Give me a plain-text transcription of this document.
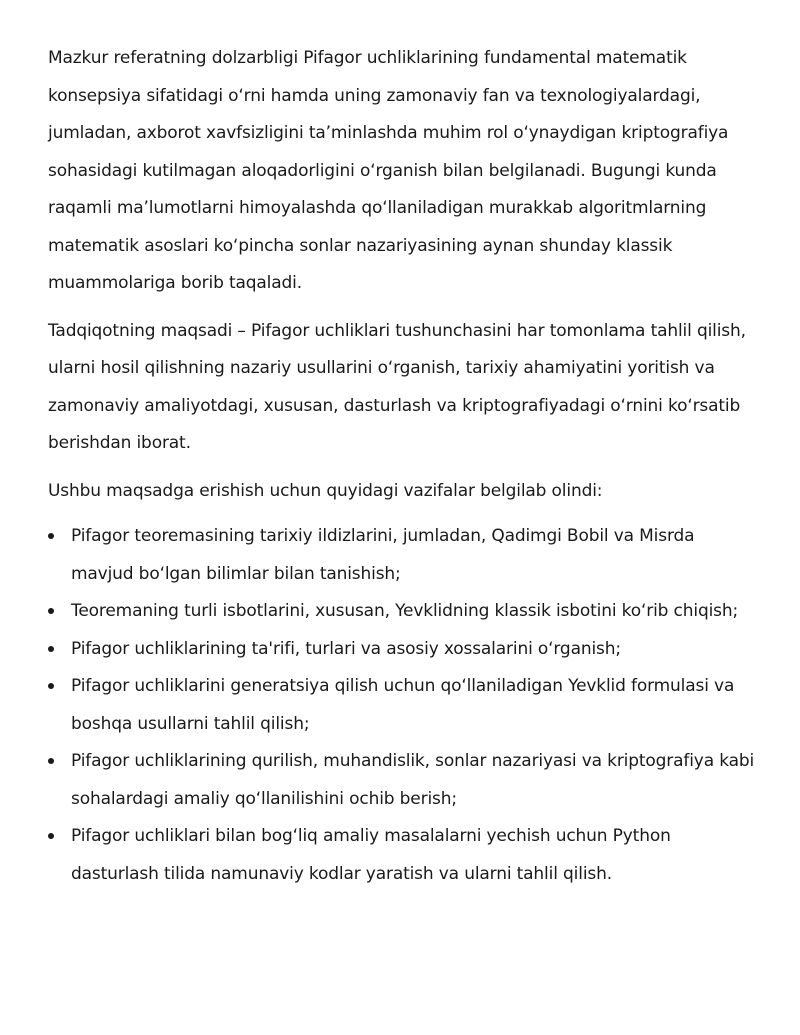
Mazkur referatning dolzarbligi Pifagor uchliklarining fundamental matematik konsepsiya sifatidagi o‘rni hamda uning zamonaviy fan va texnologiyalardagi, jumladan, axborot xavfsizligini ta’minlashda muhim rol o‘ynaydigan kriptografiya sohasidagi kutilmagan aloqadorligini o‘rganish bilan belgilanadi. Bugungi kunda raqamli ma’lumotlarni himoyalashda qo‘llaniladigan murakkab algoritmlarning matematik asoslari ko‘pincha sonlar nazariyasining aynan shunday klassik muammolariga borib taqaladi.

Tadqiqotning maqsadi – Pifagor uchliklari tushunchasini har tomonlama tahlil qilish, ularni hosil qilishning nazariy usullarini o‘rganish, tarixiy ahamiyatini yoritish va zamonaviy amaliyotdagi, xususan, dasturlash va kriptografiyadagi o‘rnini ko‘rsatib berishdan iborat.

Ushbu maqsadga erishish uchun quyidagi vazifalar belgilab olindi:

Pifagor teoremasining tarixiy ildizlarini, jumladan, Qadimgi Bobil va Misrda mavjud bo‘lgan bilimlar bilan tanishish;
Teoremaning turli isbotlarini, xususan, Yevklidning klassik isbotini ko‘rib chiqish;
Pifagor uchliklarining ta'rifi, turlari va asosiy xossalarini o‘rganish;
Pifagor uchliklarini generatsiya qilish uchun qo‘llaniladigan Yevklid formulasi va boshqa usullarni tahlil qilish;
Pifagor uchliklarining qurilish, muhandislik, sonlar nazariyasi va kriptografiya kabi sohalardagi amaliy qo‘llanilishini ochib berish;
Pifagor uchliklari bilan bog‘liq amaliy masalalarni yechish uchun Python dasturlash tilida namunaviy kodlar yaratish va ularni tahlil qilish.
